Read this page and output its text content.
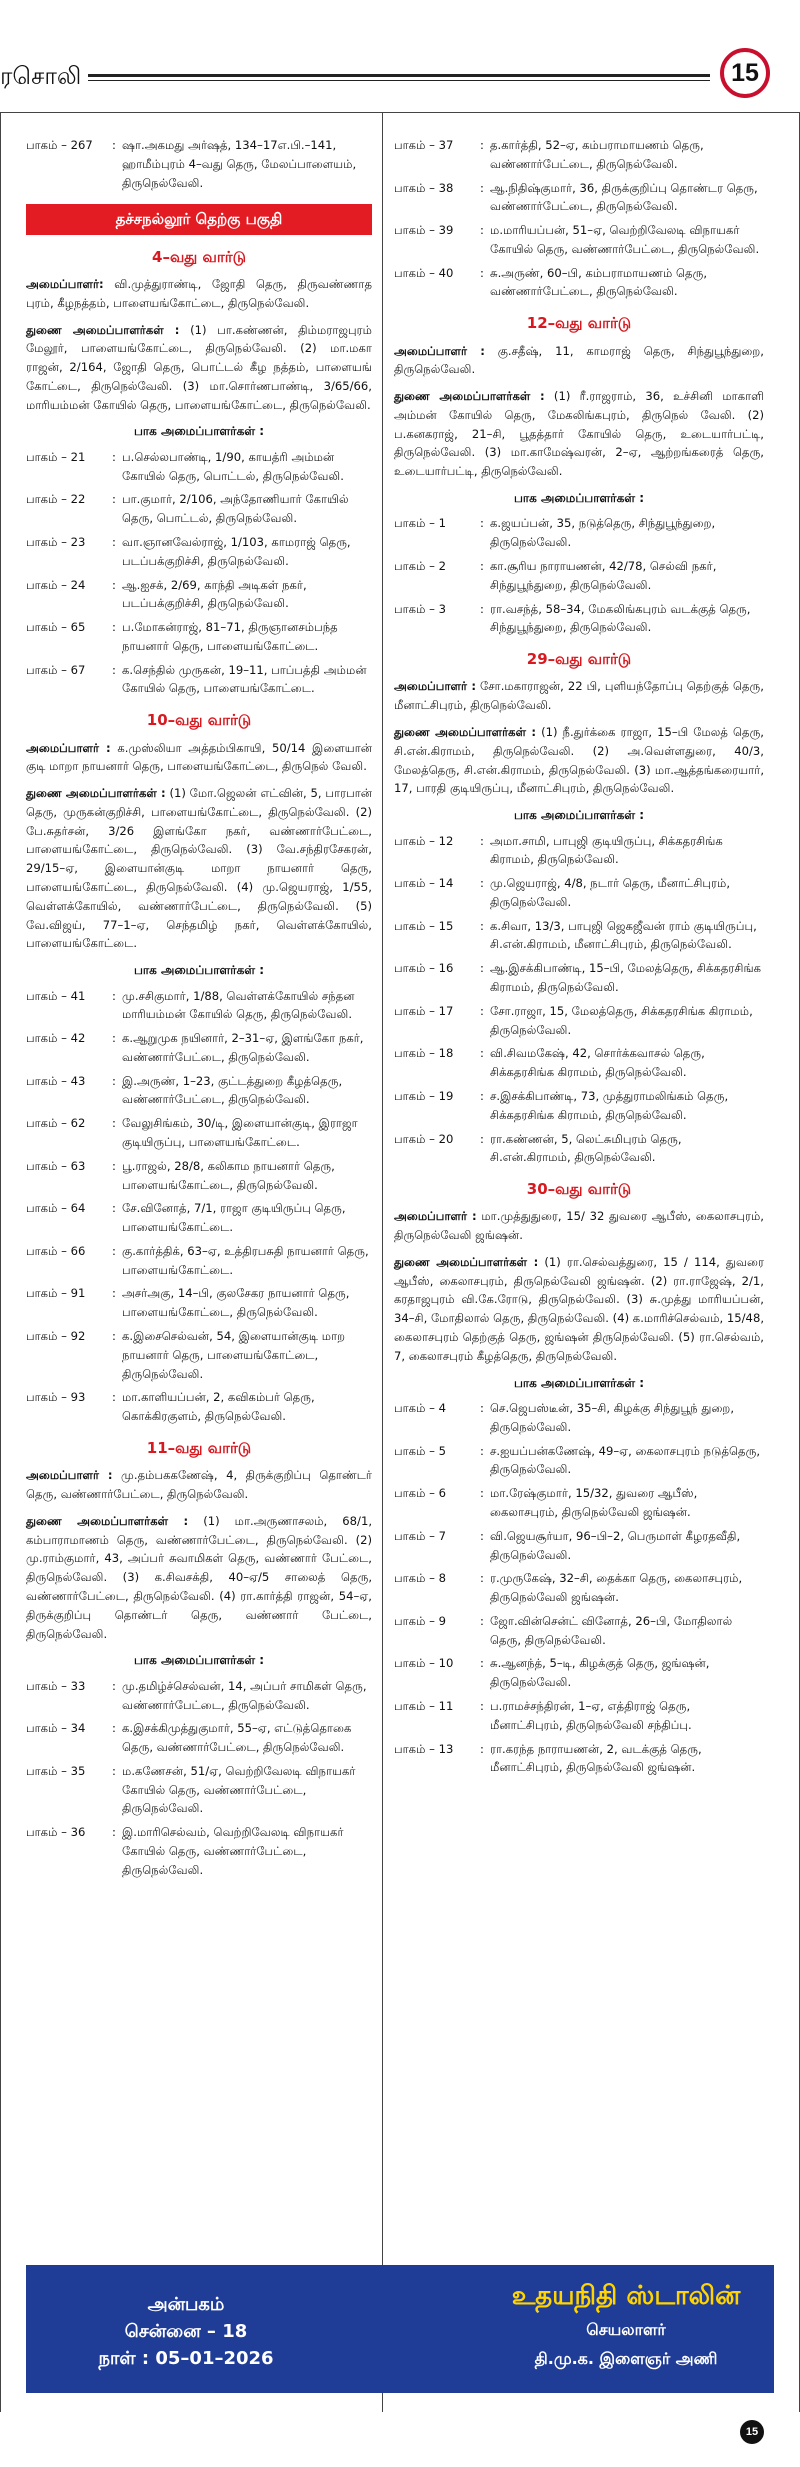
ரசொலி	15
பாகம் – 267	: ஷா.அகமது அர்ஷத், 134–17எ.பி.–141, ஹாமீம்புரம் 4–வது தெரு, மேலப்பாளையம், திருநெல்வேலி.
தச்சநல்லூர் தெற்கு பகுதி
4–வது வார்டு

அமைப்பாளர்: வி.முத்துராண்டி, ஜோதி தெரு, திருவண்ணாத புரம், கீழநத்தம், பாளையங்கோட்டை, திருநெல்வேலி.

துணை அமைப்பாளர்கள் : (1) பா.கண்ணன், திம்மராஜபுரம் மேலூர், பாளையங்கோட்டை, திருநெல்வேலி. (2) மா.மகா ராஜன், 2/164, ஜோதி தெரு, பொட்டல் கீழ நத்தம், பாளையங் கோட்டை, திருநெல்வேலி. (3) மா.சொர்ணபாண்டி, 3/65/66, மாரியம்மன் கோயில் தெரு, பாளையங்கோட்டை, திருநெல்வேலி.

பாக அமைப்பாளர்கள் :
பாகம் – 21	: ப.செல்லபாண்டி, 1/90, காயத்ரி அம்மன் கோயில் தெரு, பொட்டல், திருநெல்வேலி.
பாகம் – 22	: பா.குமார், 2/106, அந்தோணியார் கோயில் தெரு, பொட்டல், திருநெல்வேலி.
பாகம் – 23	: வா.ஞானவேல்ராஜ், 1/103, காமராஜ் தெரு, படப்பக்குறிச்சி, திருநெல்வேலி.
பாகம் – 24	: ஆ.ஐசக், 2/69, காந்தி அடிகள் நகர், படப்பக்குறிச்சி, திருநெல்வேலி.
பாகம் – 65	: ப.மோகன்ராஜ், 81–71, திருஞானசம்பந்த நாயனார் தெரு, பாளையங்கோட்டை.
பாகம் – 67	: க.செந்தில் முருகன், 19–11, பாப்பத்தி அம்மன் கோயில் தெரு, பாளையங்கோட்டை.
10–வது வார்டு

அமைப்பாளர் : க.முஸ்லியா அத்தம்பிகாயி, 50/14 இளையான் குடி மாறா நாயனார் தெரு, பாளையங்கோட்டை, திருநெல் வேலி.

துணை அமைப்பாளர்கள் : (1) மோ.ஜெலன் எட்வின், 5, பாரபான் தெரு, முருகன்குறிச்சி, பாளையங்கோட்டை, திருநெல்வேலி. (2) பே.சுதர்சன், 3/26 இளங்கோ நகர், வண்ணார்பேட்டை, பாளையங்கோட்டை, திருநெல்வேலி. (3) வே.சந்திரசேகரன், 29/15–ஏ, இளையான்குடி மாறா நாயனார் தெரு, பாளையங்கோட்டை, திருநெல்வேலி. (4) மு.ஜெயராஜ், 1/55, வெள்ளக்கோயில், வண்ணார்பேட்டை, திருநெல்வேலி. (5) வே.விஜய், 77–1–ஏ, செந்தமிழ் நகர், வெள்ளக்கோயில், பாளையங்கோட்டை.

பாக அமைப்பாளர்கள் :
பாகம் – 41	: மு.சசிகுமார், 1/88, வெள்ளக்கோயில் சந்தன மாரியம்மன் கோயில் தெரு, திருநெல்வேலி.
பாகம் – 42	: க.ஆறுமுக நயினார், 2–31–ஏ, இளங்கோ நகர், வண்ணார்பேட்டை, திருநெல்வேலி.
பாகம் – 43	: இ.அருண், 1–23, குட்டத்துறை கீழத்தெரு, வண்ணார்பேட்டை, திருநெல்வேலி.
பாகம் – 62	: வேலுசிங்கம், 30/டி, இளையான்குடி, இராஜா குடியிருப்பு, பாளையங்கோட்டை.
பாகம் – 63	: பூ.ராஜல், 28/8, கலிகாம நாயனார் தெரு, பாளையங்கோட்டை, திருநெல்வேலி.
பாகம் – 64	: சே.வினோத், 7/1, ராஜா குடியிருப்பு தெரு, பாளையங்கோட்டை.
பாகம் – 66	: கு.கார்த்திக், 63–ஏ, உத்திரபசுதி நாயனார் தெரு, பாளையங்கோட்டை.
பாகம் – 91	: அசர்அகு, 14–பி, குலசேகர நாயனார் தெரு, பாளையங்கோட்டை, திருநெல்வேலி.
பாகம் – 92	: க.இசைசெல்வன், 54, இளையான்குடி மாற நாயனார் தெரு, பாளையங்கோட்டை, திருநெல்வேலி.
பாகம் – 93	: மா.காளியப்பன், 2, கவிகம்பர் தெரு, கொக்கிரகுளம், திருநெல்வேலி.
11–வது வார்டு

அமைப்பாளர் : மு.தம்பககணேஷ், 4, திருக்குறிப்பு தொண்டர் தெரு, வண்ணார்பேட்டை, திருநெல்வேலி.

துணை அமைப்பாளர்கள் : (1) மா.அருணாசலம், 68/1, கம்பாராமாணம் தெரு, வண்ணார்பேட்டை, திருநெல்வேலி. (2) மு.ராம்குமார், 43, அப்பர் சுவாமிகள் தெரு, வண்ணார் பேட்டை, திருநெல்வேலி. (3) க.சிவசக்தி, 40–ஏ/5 சாலைத் தெரு, வண்ணார்பேட்டை, திருநெல்வேலி. (4) ரா.கார்த்தி ராஜன், 54–ஏ, திருக்குறிப்பு தொண்டர் தெரு, வண்ணார் பேட்டை, திருநெல்வேலி.

பாக அமைப்பாளர்கள் :
பாகம் – 33	: மு.தமிழ்ச்செல்வன், 14, அப்பர் சாமிகள் தெரு, வண்ணார்பேட்டை, திருநெல்வேலி.
பாகம் – 34	: க.இசக்கிமுத்துகுமார், 55–ஏ, எட்டுத்தொகை தெரு, வண்ணார்பேட்டை, திருநெல்வேலி.
பாகம் – 35	: ம.கணேசன், 51/ஏ, வெற்றிவேலடி விநாயகர் கோயில் தெரு, வண்ணார்பேட்டை, திருநெல்வேலி.
பாகம் – 36	: இ.மாரிசெல்வம், வெற்றிவேலடி விநாயகர் கோயில் தெரு, வண்ணார்பேட்டை, திருநெல்வேலி.
பாகம் – 37	: த.கார்த்தி, 52–ஏ, கம்பராமாயணம் தெரு, வண்ணார்பேட்டை, திருநெல்வேலி.
பாகம் – 38	: ஆ.நிதிஷ்குமார், 36, திருக்குறிப்பு தொண்டர தெரு, வண்ணார்பேட்டை, திருநெல்வேலி.
பாகம் – 39	: ம.மாரியப்பன், 51–ஏ, வெற்றிவேலடி விநாயகர் கோயில் தெரு, வண்ணார்பேட்டை, திருநெல்வேலி.
பாகம் – 40	: சு.அருண், 60–பி, கம்பராமாயணம் தெரு, வண்ணார்பேட்டை, திருநெல்வேலி.
12–வது வார்டு

அமைப்பாளர் : கு.சதீஷ், 11, காமராஜ் தெரு, சிந்துபூந்துறை, திருநெல்வேலி.

துணை அமைப்பாளர்கள் : (1) ரீ.ராஜராம், 36, உச்சினி மாகாளி அம்மன் கோயில் தெரு, மேகலிங்கபுரம், திருநெல் வேலி. (2) ப.கனகராஜ், 21–சி, பூதத்தார் கோயில் தெரு, உடையார்பட்டி, திருநெல்வேலி. (3) மா.காமேஷ்வரன், 2–ஏ, ஆற்றங்கரைத் தெரு, உடையார்பட்டி, திருநெல்வேலி.

பாக அமைப்பாளர்கள் :
பாகம் – 1	: க.ஜயப்பன், 35, நடுத்தெரு, சிந்துபூந்துறை, திருநெல்வேலி.
பாகம் – 2	: கா.சூரிய நாராயணன், 42/78, செல்வி நகர், சிந்துபூந்துறை, திருநெல்வேலி.
பாகம் – 3	: ரா.வசந்த், 58–34, மேகலிங்கபுரம் வடக்குத் தெரு, சிந்துபூந்துறை, திருநெல்வேலி.
29–வது வார்டு

அமைப்பாளர் : சோ.மகாராஜன், 22 பி, புளியந்தோப்பு தெற்குத் தெரு, மீனாட்சிபுரம், திருநெல்வேலி.

துணை அமைப்பாளர்கள் : (1) நீ.துர்க்கை ராஜா, 15–பி மேலத் தெரு, சி.என்.கிராமம், திருநெல்வேலி. (2) அ.வெள்ளதுரை, 40/3, மேலத்தெரு, சி.என்.கிராமம், திருநெல்வேலி. (3) மா.ஆத்தங்கரையார், 17, பாரதி குடியிருப்பு, மீனாட்சிபுரம், திருநெல்வேலி.

பாக அமைப்பாளர்கள் :
பாகம் – 12	: அமா.சாமி, பாபுஜி குடியிருப்பு, சிக்கதரசிங்க கிராமம், திருநெல்வேலி.
பாகம் – 14	: மு.ஜெயராஜ், 4/8, நடார் தெரு, மீனாட்சிபுரம், திருநெல்வேலி.
பாகம் – 15	: க.சிவா, 13/3, பாபுஜி ஜெகஜீவன் ராம் குடியிருப்பு, சி.என்.கிராமம், மீனாட்சிபுரம், திருநெல்வேலி.
பாகம் – 16	: ஆ.இசக்கிபாண்டி, 15–பி, மேலத்தெரு, சிக்கதரசிங்க கிராமம், திருநெல்வேலி.
பாகம் – 17	: சோ.ராஜா, 15, மேலத்தெரு, சிக்கதரசிங்க கிராமம், திருநெல்வேலி.
பாகம் – 18	: வி.சிவமகேஷ், 42, சொர்க்கவாசல் தெரு, சிக்கதரசிங்க கிராமம், திருநெல்வேலி.
பாகம் – 19	: ச.இசக்கிபாண்டி, 73, முத்துராமலிங்கம் தெரு, சிக்கதரசிங்க கிராமம், திருநெல்வேலி.
பாகம் – 20	: ரா.கண்ணன், 5, லெட்சுமிபுரம் தெரு, சி.என்.கிராமம், திருநெல்வேலி.
30–வது வார்டு

அமைப்பாளர் : மா.முத்துதுரை, 15/ 32 துவரை ஆபீஸ், கைலாசபுரம், திருநெல்வேலி ஜங்ஷன்.

துணை அமைப்பாளர்கள் : (1) ரா.செல்வத்துரை, 15 / 114, துவரை ஆபீஸ், கைலாசபுரம், திருநெல்வேலி ஜங்ஷன். (2) ரா.ராஜேஷ், 2/1, கரதாஜபுரம் வி.கே.ரோடு, திருநெல்வேலி. (3) சு.முத்து மாரியப்பன், 34–சி, மோதிலால் தெரு, திருநெல்வேலி. (4) க.மாரிச்செல்வம், 15/48, கைலாசபுரம் தெற்குத் தெரு, ஜங்ஷன் திருநெல்வேலி. (5) ரா.செல்வம், 7, கைலாசபுரம் கீழத்தெரு, திருநெல்வேலி.

பாக அமைப்பாளர்கள் :
பாகம் – 4	: செ.ஜெபஸ்டீன், 35–சி, கிழக்கு சிந்துபூந் துறை, திருநெல்வேலி.
பாகம் – 5	: ச.ஐயப்பன்கணேஷ், 49–ஏ, கைலாசபுரம் நடுத்தெரு, திருநெல்வேலி.
பாகம் – 6	: மா.ரேஷ்குமார், 15/32, துவரை ஆபீஸ், கைலாசபுரம், திருநெல்வேலி ஜங்ஷன்.
பாகம் – 7	: வி.ஜெயசூர்யா, 96–பி–2, பெருமாள் கீழரதவீதி, திருநெல்வேலி.
பாகம் – 8	: ர.முருகேஷ், 32–சி, தைக்கா தெரு, கைலாசபுரம், திருநெல்வேலி ஜங்ஷன்.
பாகம் – 9	: ஜோ.வின்சென்ட் வினோத், 26–பி, மோதிலால் தெரு, திருநெல்வேலி.
பாகம் – 10	: சு.ஆனந்த், 5–டி, கிழக்குத் தெரு, ஜங்ஷன், திருநெல்வேலி.
பாகம் – 11	: ப.ராமச்சந்திரன், 1–ஏ, எத்திராஜ் தெரு, மீனாட்சிபுரம், திருநெல்வேலி சந்திப்பு.
பாகம் – 13	: ரா.கரந்த நாராயணன், 2, வடக்குத் தெரு, மீனாட்சிபுரம், திருநெல்வேலி ஜங்ஷன்.
அன்பகம்
சென்னை – 18
நாள் : 05–01–2026
உதயநிதி ஸ்டாலின்
செயலாளர்
தி.மு.க. இளைஞர் அணி
15
